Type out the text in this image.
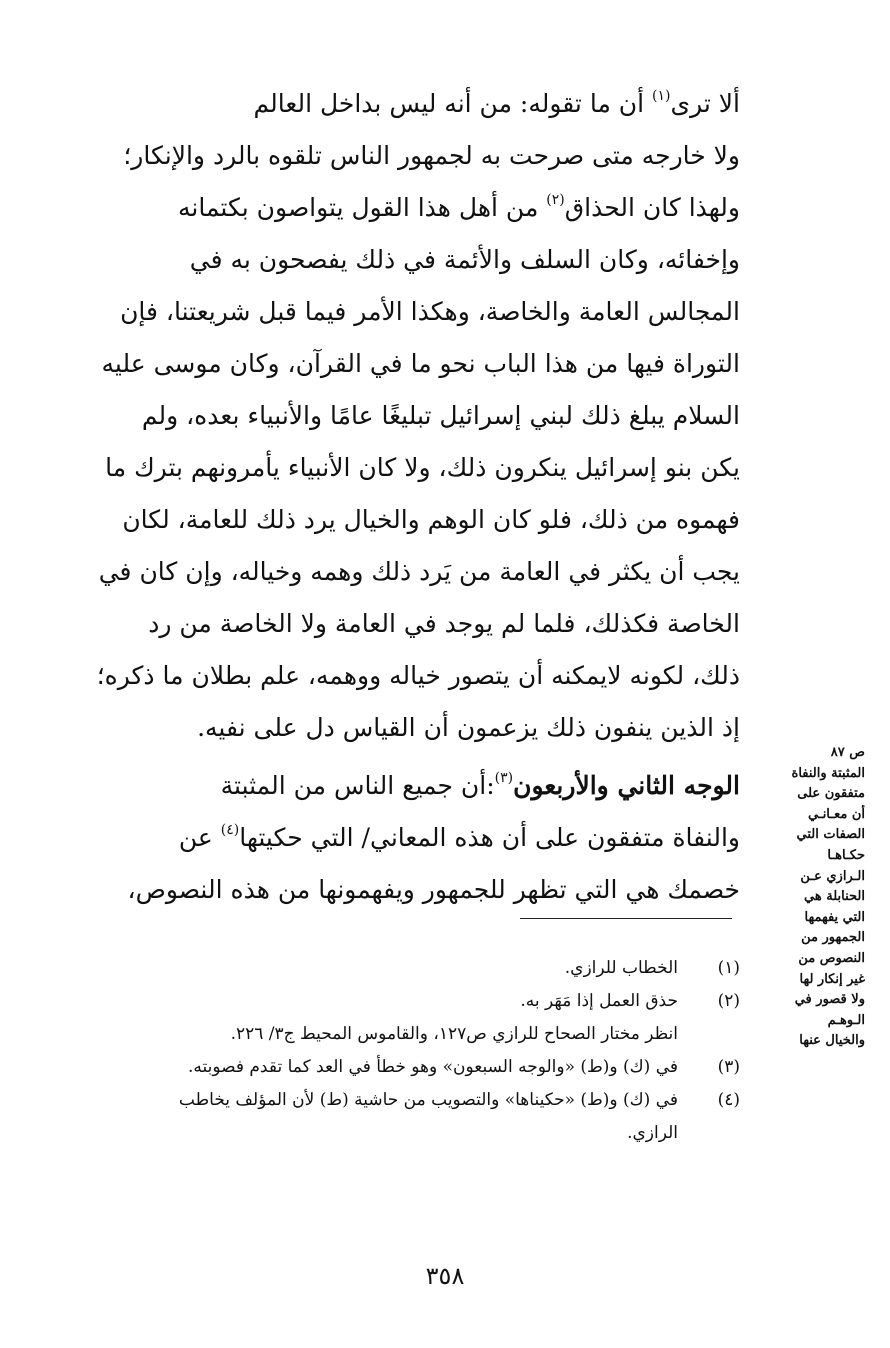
ألا ترى$^{(١)}$ أن ما تقوله: من أنه ليس بداخل العالم
ولا خارجه متى صرحت به لجمهور الناس تلقوه بالرد والإنكار؛
ولهذا كان الحذاق$^{(٢)}$ من أهل هذا القول يتواصون بكتمانه
وإخفائه، وكان السلف والأئمة في ذلك يفصحون به في
المجالس العامة والخاصة، وهكذا الأمر فيما قبل شريعتنا، فإن
التوراة فيها من هذا الباب نحو ما في القرآن، وكان موسى عليه
السلام يبلغ ذلك لبني إسرائيل تبليغًا عامًا والأنبياء بعده، ولم
يكن بنو إسرائيل ينكرون ذلك، ولا كان الأنبياء يأمرونهم بترك ما
فهموه من ذلك، فلو كان الوهم والخيال يرد ذلك للعامة، لكان
يجب أن يكثر في العامة من يَرد ذلك وهمه وخياله، وإن كان في
الخاصة فكذلك، فلما لم يوجد في العامة ولا الخاصة من رد
ذلك، لكونه لايمكنه أن يتصور خياله ووهمه، علم بطلان ما ذكره؛
إذ الذين ينفون ذلك يزعمون أن القياس دل على نفيه.
الوجه الثاني والأربعون$^{(٣)}$:أن جميع الناس من المثبتة
والنفاة متفقون على أن هذه المعاني/ التي حكيتها$^{(٤)}$ عن
خصمك هي التي تظهر للجمهور ويفهمونها من هذه النصوص،
ص ٨٧
المثبتة والنفاة
متفقون على
أن معـانـي
الصفات التي
حكـاهـا
الـرازي عـن
الحنابلة هي
التي يفهمها
الجمهور من
النصوص من
غير إنكار لها
ولا قصور في
الـوهـم
والخيال عنها
(١)
الخطاب للرازي.
(٢)
حذق العمل إذا مَهَر به.
انظر مختار الصحاح للرازي ص١٢٧، والقاموس المحيط ج٣/ ٢٢٦.
(٣)
في (ك) و(ط) «والوجه السبعون» وهو خطأ في العد كما تقدم فصوبته.
(٤)
في (ك) و(ط) «حكيناها» والتصويب من حاشية (ط) لأن المؤلف يخاطب
الرازي.
٣٥٨
